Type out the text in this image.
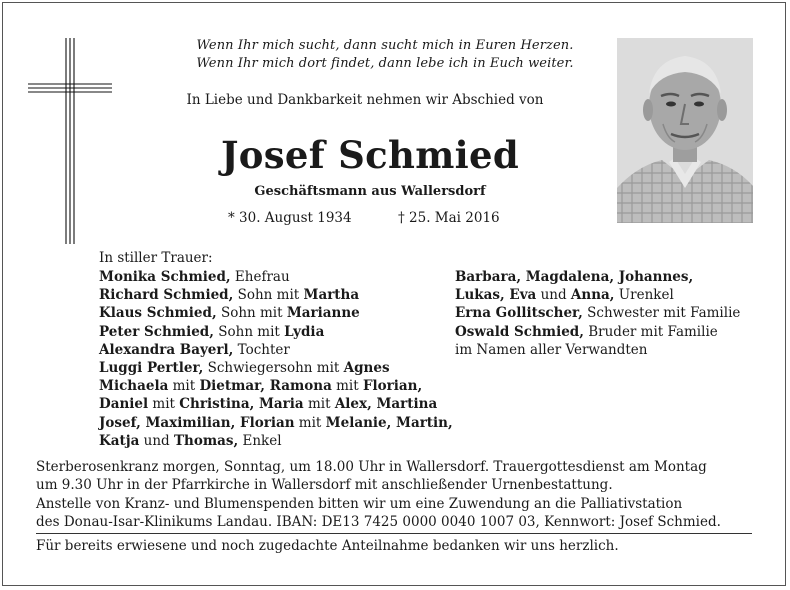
Wenn Ihr mich sucht, dann sucht mich in Euren Herzen.
Wenn Ihr mich dort findet, dann lebe ich in Euch weiter.
In Liebe und Dankbarkeit nehmen wir Abschied von
Josef Schmied
Geschäftsmann aus Wallersdorf
* 30. August 1934	† 25. Mai 2016
In stiller Trauer:
Monika Schmied, Ehefrau
Richard Schmied, Sohn mit Martha
Klaus Schmied, Sohn mit Marianne
Peter Schmied, Sohn mit Lydia
Alexandra Bayerl, Tochter
Luggi Pertler, Schwiegersohn mit Agnes
Michaela mit Dietmar, Ramona mit Florian,
Daniel mit Christina, Maria mit Alex, Martina
Josef, Maximilian, Florian mit Melanie, Martin,
Katja und Thomas, Enkel
Barbara, Magdalena, Johannes,
Lukas, Eva und Anna, Urenkel
Erna Gollitscher, Schwester mit Familie
Oswald Schmied, Bruder mit Familie
im Namen aller Verwandten
Sterberosenkranz morgen, Sonntag, um 18.00 Uhr in Wallersdorf. Trauergottesdienst am Montag
um 9.30 Uhr in der Pfarrkirche in Wallersdorf mit anschließender Urnenbestattung.
Anstelle von Kranz- und Blumenspenden bitten wir um eine Zuwendung an die Palliativstation
des Donau-Isar-Klinikums Landau. IBAN: DE13 7425 0000 0040 1007 03, Kennwort: Josef Schmied.
Für bereits erwiesene und noch zugedachte Anteilnahme bedanken wir uns herzlich.
